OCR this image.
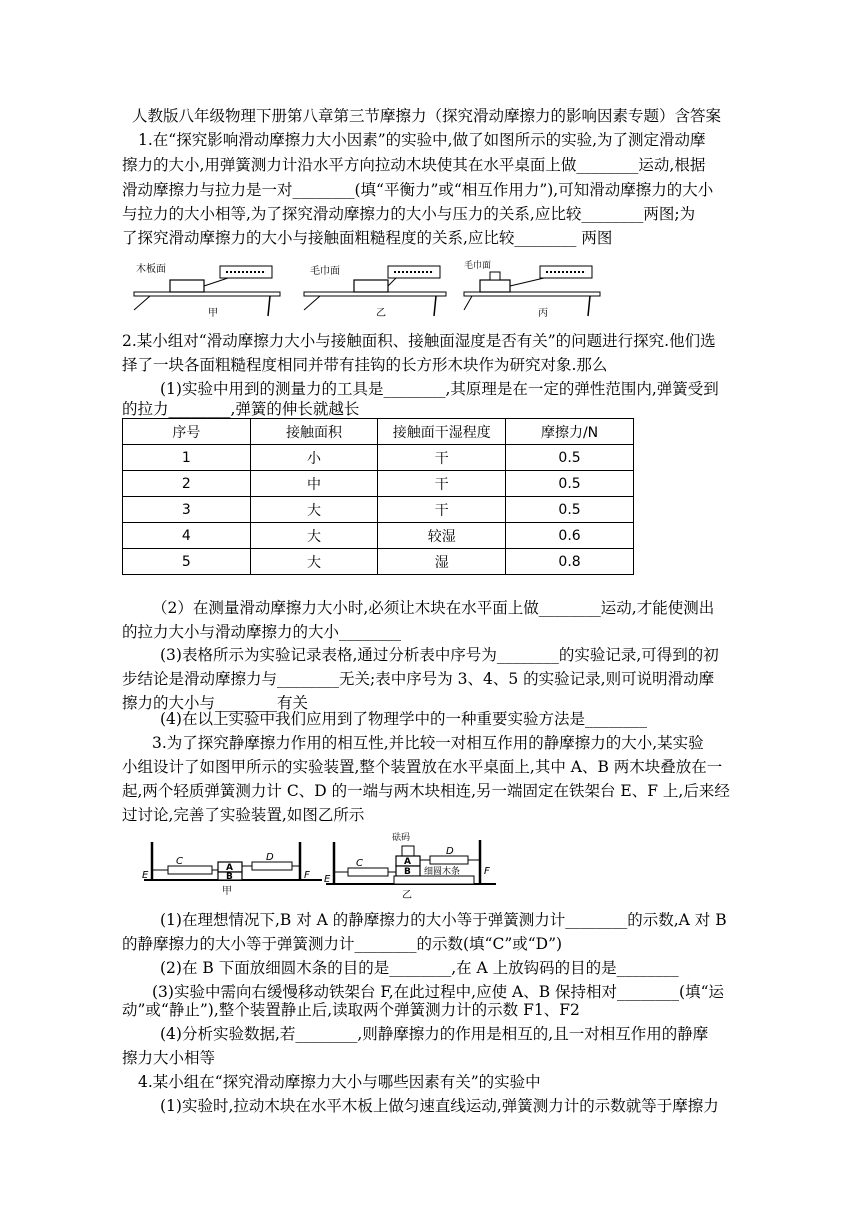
人教版八年级物理下册第八章第三节摩擦力（探究滑动摩擦力的影响因素专题）含答案
1.在“探究影响滑动摩擦力大小因素”的实验中,做了如图所示的实验,为了测定滑动摩
擦力的大小,用弹簧测力计沿水平方向拉动木块使其在水平桌面上做________运动,根据
滑动摩擦力与拉力是一对________(填“平衡力”或“相互作用力”),可知滑动摩擦力的大小
与拉力的大小相等,为了探究滑动摩擦力的大小与压力的关系,应比较________两图;为
了探究滑动摩擦力的大小与接触面粗糙程度的关系,应比较________ 两图
木板面
甲
毛巾面
乙
毛巾面
丙
2.某小组对“滑动摩擦力大小与接触面积、接触面湿度是否有关”的问题进行探究.他们选
择了一块各面粗糙程度相同并带有挂钩的长方形木块作为研究对象.那么
(1)实验中用到的测量力的工具是________,其原理是在一定的弹性范围内,弹簧受到
的拉力________,弹簧的伸长就越长
序号	接触面积	接触面干湿程度	摩擦力/N
1	小	干	0.5
2	中	干	0.5
3	大	干	0.5
4	大	较湿	0.6
5	大	湿	0.8
（2）在测量滑动摩擦力大小时,必须让木块在水平面上做________运动,才能使测出
的拉力大小与滑动摩擦力的大小________
(3)表格所示为实验记录表格,通过分析表中序号为________的实验记录,可得到的初
步结论是滑动摩擦力与________无关;表中序号为 3、4、5 的实验记录,则可说明滑动摩
擦力的大小与________有关
(4)在以上实验中我们应用到了物理学中的一种重要实验方法是________
3.为了探究静摩擦力作用的相互性,并比较一对相互作用的静摩擦力的大小,某实验
小组设计了如图甲所示的实验装置,整个装置放在水平桌面上,其中 A、B 两木块叠放在一
起,两个轻质弹簧测力计 C、D 的一端与两木块相连,另一端固定在铁架台 E、F 上,后来经
过讨论,完善了实验装置,如图乙所示
E
C
A
B
D
F
甲
E
C	A
B
D
F
砝码
细圆木条
乙
(1)在理想情况下,B 对 A 的静摩擦力的大小等于弹簧测力计________的示数,A 对 B
的静摩擦力的大小等于弹簧测力计________的示数(填“C”或“D”)
(2)在 B 下面放细圆木条的目的是________,在 A 上放钩码的目的是________
(3)实验中需向右缓慢移动铁架台 F,在此过程中,应使 A、B 保持相对________(填“运
动”或“静止”),整个装置静止后,读取两个弹簧测力计的示数 F1、F2
(4)分析实验数据,若________,则静摩擦力的作用是相互的,且一对相互作用的静摩
擦力大小相等
4.某小组在“探究滑动摩擦力大小与哪些因素有关”的实验中
(1)实验时,拉动木块在水平木板上做匀速直线运动,弹簧测力计的示数就等于摩擦力
